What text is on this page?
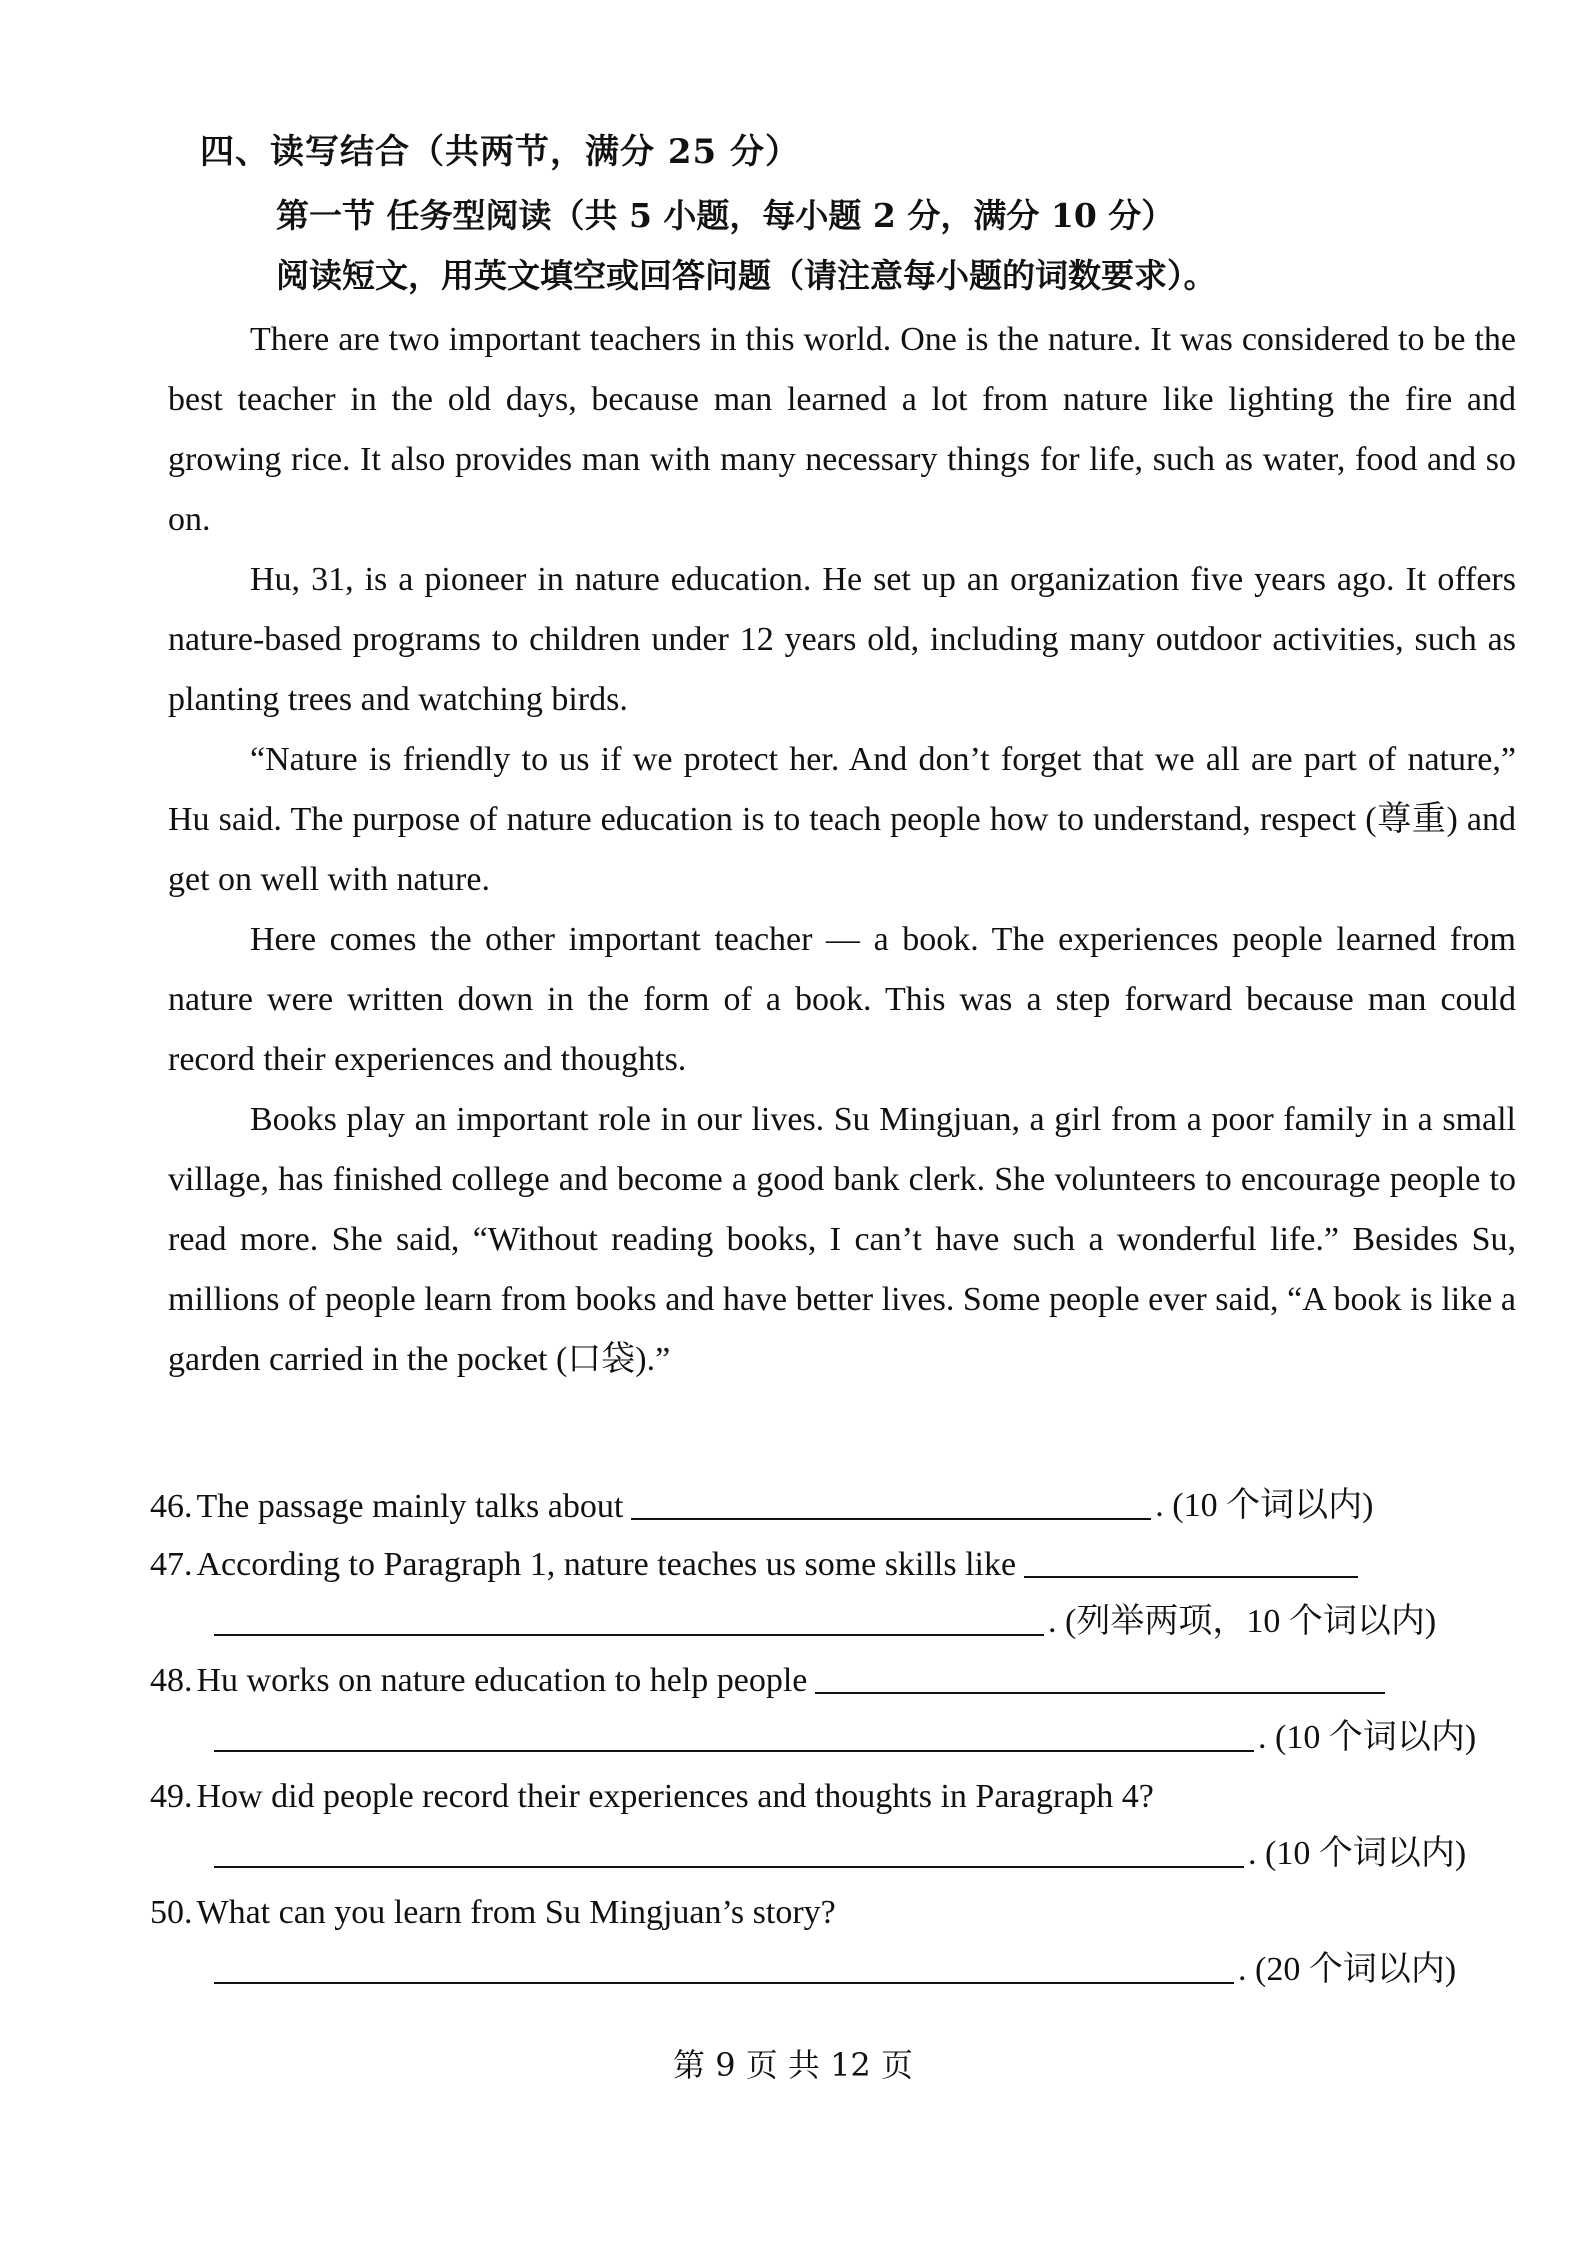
四、读写结合（共两节，满分 25 分）
第一节 任务型阅读（共 5 小题，每小题 2 分，满分 10 分）
阅读短文，用英文填空或回答问题（请注意每小题的词数要求）。

There are two important teachers in this world. One is the nature. It was considered to be the best teacher in the old days, because man learned a lot from nature like lighting the fire and growing rice. It also provides man with many necessary things for life, such as water, food and so on.

Hu, 31, is a pioneer in nature education. He set up an organization five years ago. It offers nature-based programs to children under 12 years old, including many outdoor activities, such as planting trees and watching birds.

“Nature is friendly to us if we protect her. And don’t forget that we all are part of nature,” Hu said. The purpose of nature education is to teach people how to understand, respect (尊重) and get on well with nature.

Here comes the other important teacher — a book. The experiences people learned from nature were written down in the form of a book. This was a step forward because man could record their experiences and thoughts.

Books play an important role in our lives. Su Mingjuan, a girl from a poor family in a small village, has finished college and become a good bank clerk. She volunteers to encourage people to read more. She said, “Without reading books, I can’t have such a wonderful life.” Besides Su, millions of people learn from books and have better lives. Some people ever said, “A book is like a garden carried in the pocket (口袋).”

46. The passage mainly talks about	. (10 个词以内)
47. According to Paragraph 1, nature teaches us some skills like
. (列举两项，10 个词以内)
48. Hu works on nature education to help people
. (10 个词以内)
49. How did people record their experiences and thoughts in Paragraph 4?
. (10 个词以内)
50. What can you learn from Su Mingjuan’s story?
. (20 个词以内)
第 9 页 共 12 页
